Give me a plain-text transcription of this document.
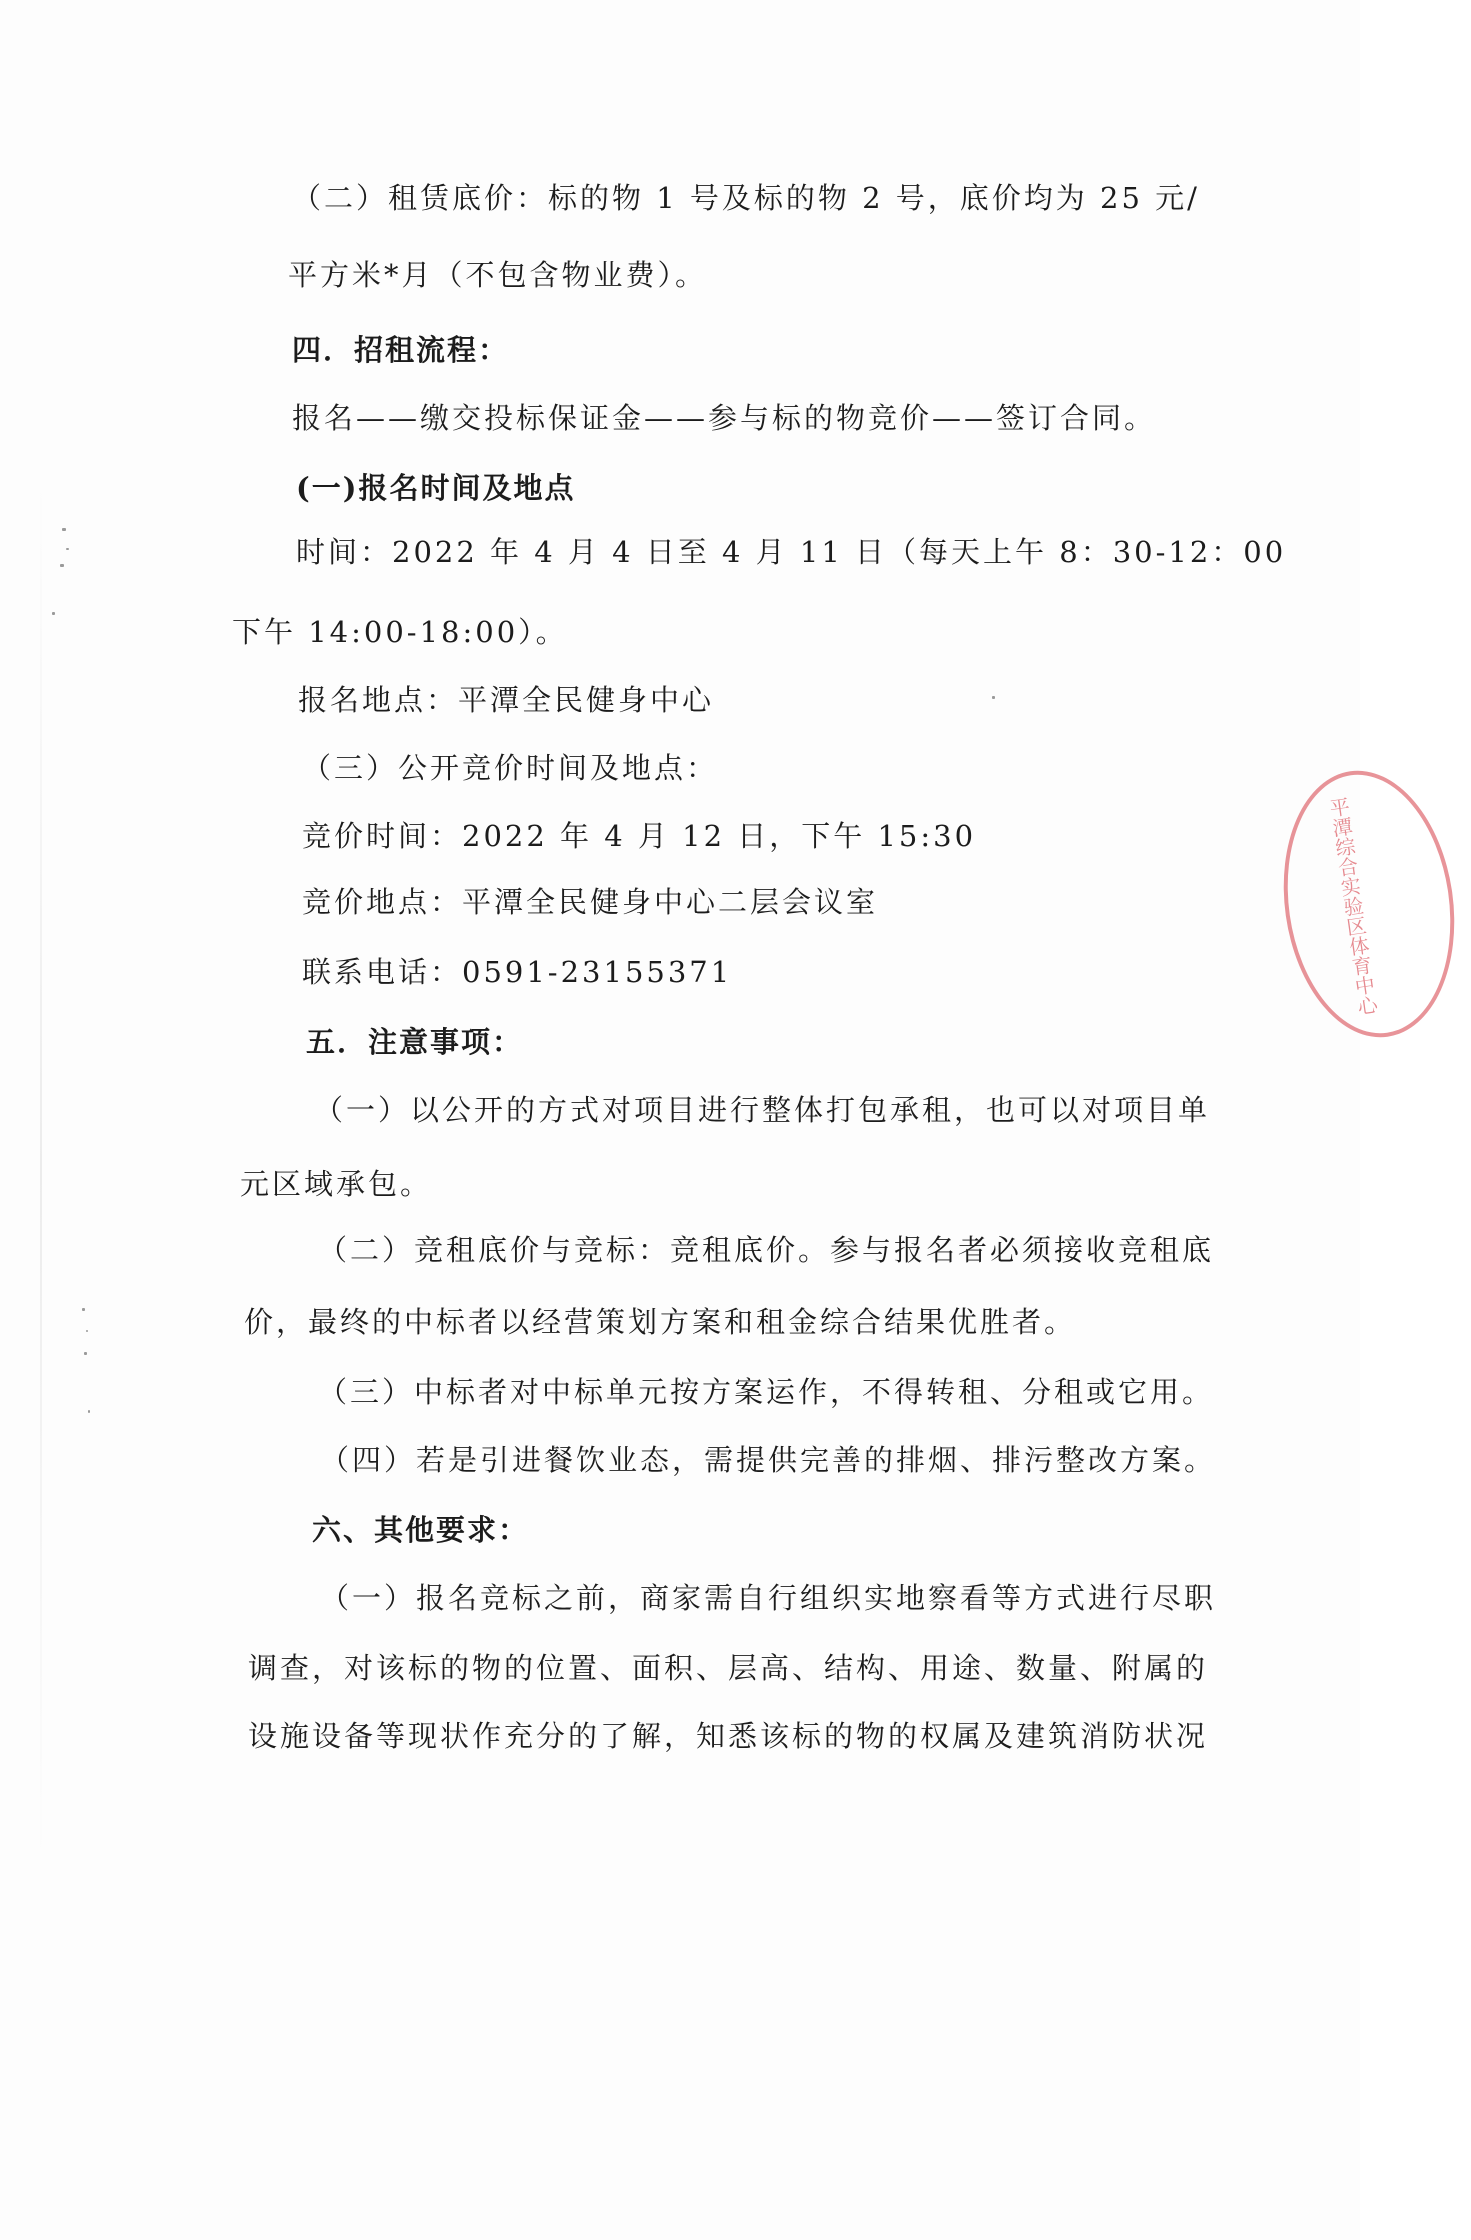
（二）租赁底价：标的物 1 号及标的物 2 号，底价均为 25 元/
平方米*月（不包含物业费）。
四．招租流程：
报名——缴交投标保证金——参与标的物竞价——签订合同。
(一)报名时间及地点
时间：2022 年 4 月 4 日至 4 月 11 日（每天上午 8：30-12：00
下午 14:00-18:00）。
报名地点：平潭全民健身中心
（三）公开竞价时间及地点：
竞价时间：2022 年 4 月 12 日，下午 15:30
竞价地点：平潭全民健身中心二层会议室
联系电话：0591-23155371
五．注意事项：
（一）以公开的方式对项目进行整体打包承租，也可以对项目单
元区域承包。
（二）竞租底价与竞标：竞租底价。参与报名者必须接收竞租底
价，最终的中标者以经营策划方案和租金综合结果优胜者。
（三）中标者对中标单元按方案运作，不得转租、分租或它用。
（四）若是引进餐饮业态，需提供完善的排烟、排污整改方案。
六、其他要求：
（一）报名竞标之前，商家需自行组织实地察看等方式进行尽职
调查，对该标的物的位置、面积、层高、结构、用途、数量、附属的
设施设备等现状作充分的了解，知悉该标的物的权属及建筑消防状况
平潭综合实验区体育中心
